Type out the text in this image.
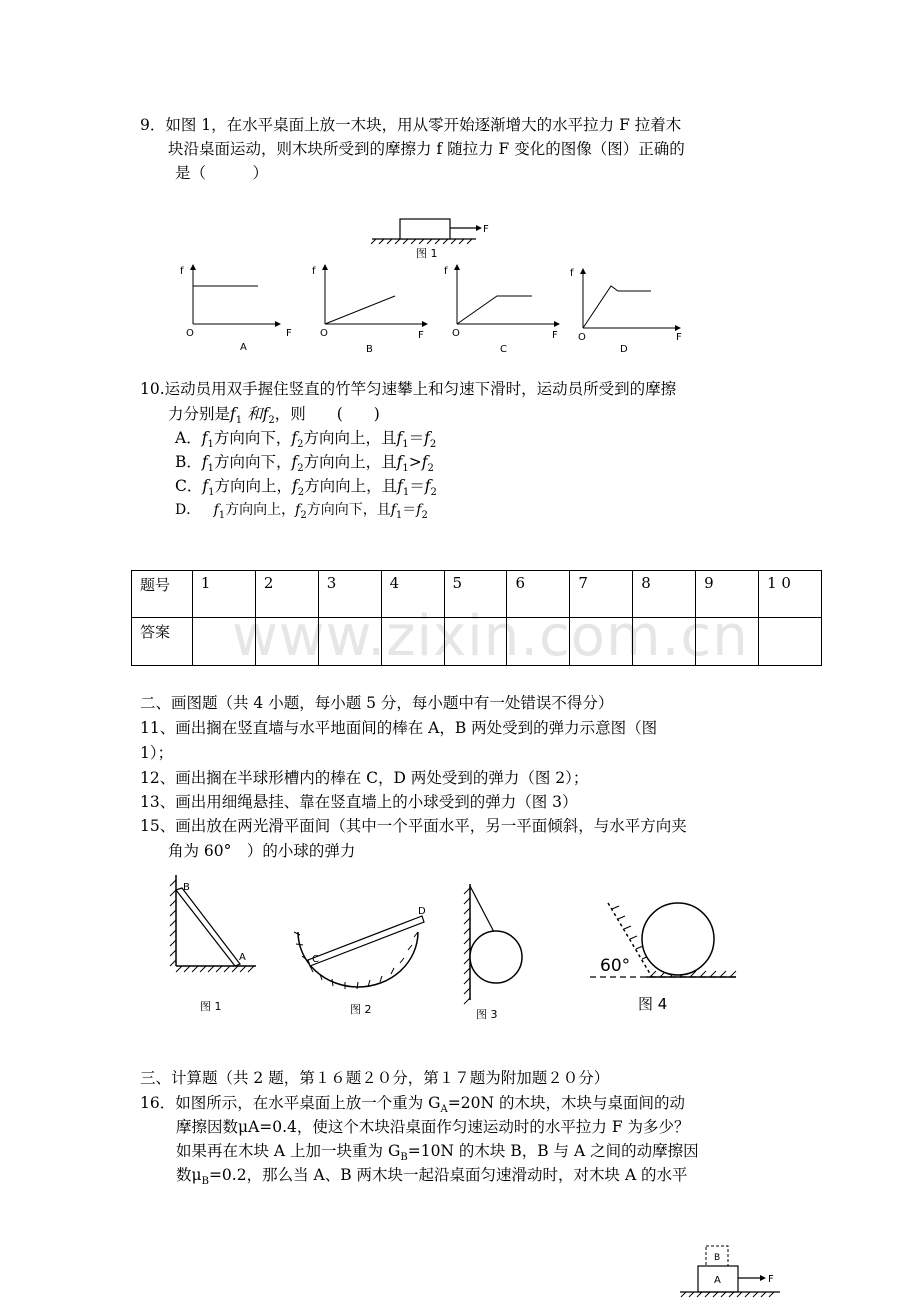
www.zixin.com.cn
9．如图 1，在水平桌面上放一木块，用从零开始逐渐增大的水平拉力 F 拉着木
块沿桌面运动，则木块所受到的摩擦力 f 随拉力 F 变化的图像（图）正确的
是（　　　）
F
图 1
f
O	F
A
f
O	F
B
f
O	F
C
f
O	F
D
10.运动员用双手握住竖直的竹竿匀速攀上和匀速下滑时，运动员所受到的摩擦
力分别是$f_1$ 和$f_2$，则　　(　　)
A．$f_1$方向向下，$f_2$方向向上，且$f_1=f_2$
B．$f_1$方向向下，$f_2$方向向上，且$f_1>f_2$
C．$f_1$方向向上，$f_2$方向向上，且$f_1=f_2$
D． $f_1$方向向上，$f_2$方向向下，且$f_1=f_2$
题号	1	2	3	4	5	6	7	8	9	1 0
答案										
二、画图题（共 4 小题，每小题 5 分，每小题中有一处错误不得分）
11、画出搁在竖直墙与水平地面间的棒在 A，B 两处受到的弹力示意图（图
1）；
12、画出搁在半球形槽内的棒在 C，D 两处受到的弹力（图 2）；
13、画出用细绳悬挂、靠在竖直墙上的小球受到的弹力（图 3）
15、画出放在两光滑平面间（其中一个平面水平，另一平面倾斜，与水平方向夹
角为 60°　）的小球的弹力
B
A
图 1
C
D
图 2	图 3
60°
图 4
三、计算题（共 2 题，第１６题２０分，第１７题为附加题２０分）
16．如图所示，在水平桌面上放一个重为 $G_A=20N$ 的木块，木块与桌面间的动
摩擦因数μA=0.4，使这个木块沿桌面作匀速运动时的水平拉力 F 为多少？
如果再在木块 A 上加一块重为 $G_B=10N$ 的木块 B，B 与 A 之间的动摩擦因
数$\mu_B=0.2$，那么当 A、B 两木块一起沿桌面匀速滑动时，对木块 A 的水平
B
A	F
